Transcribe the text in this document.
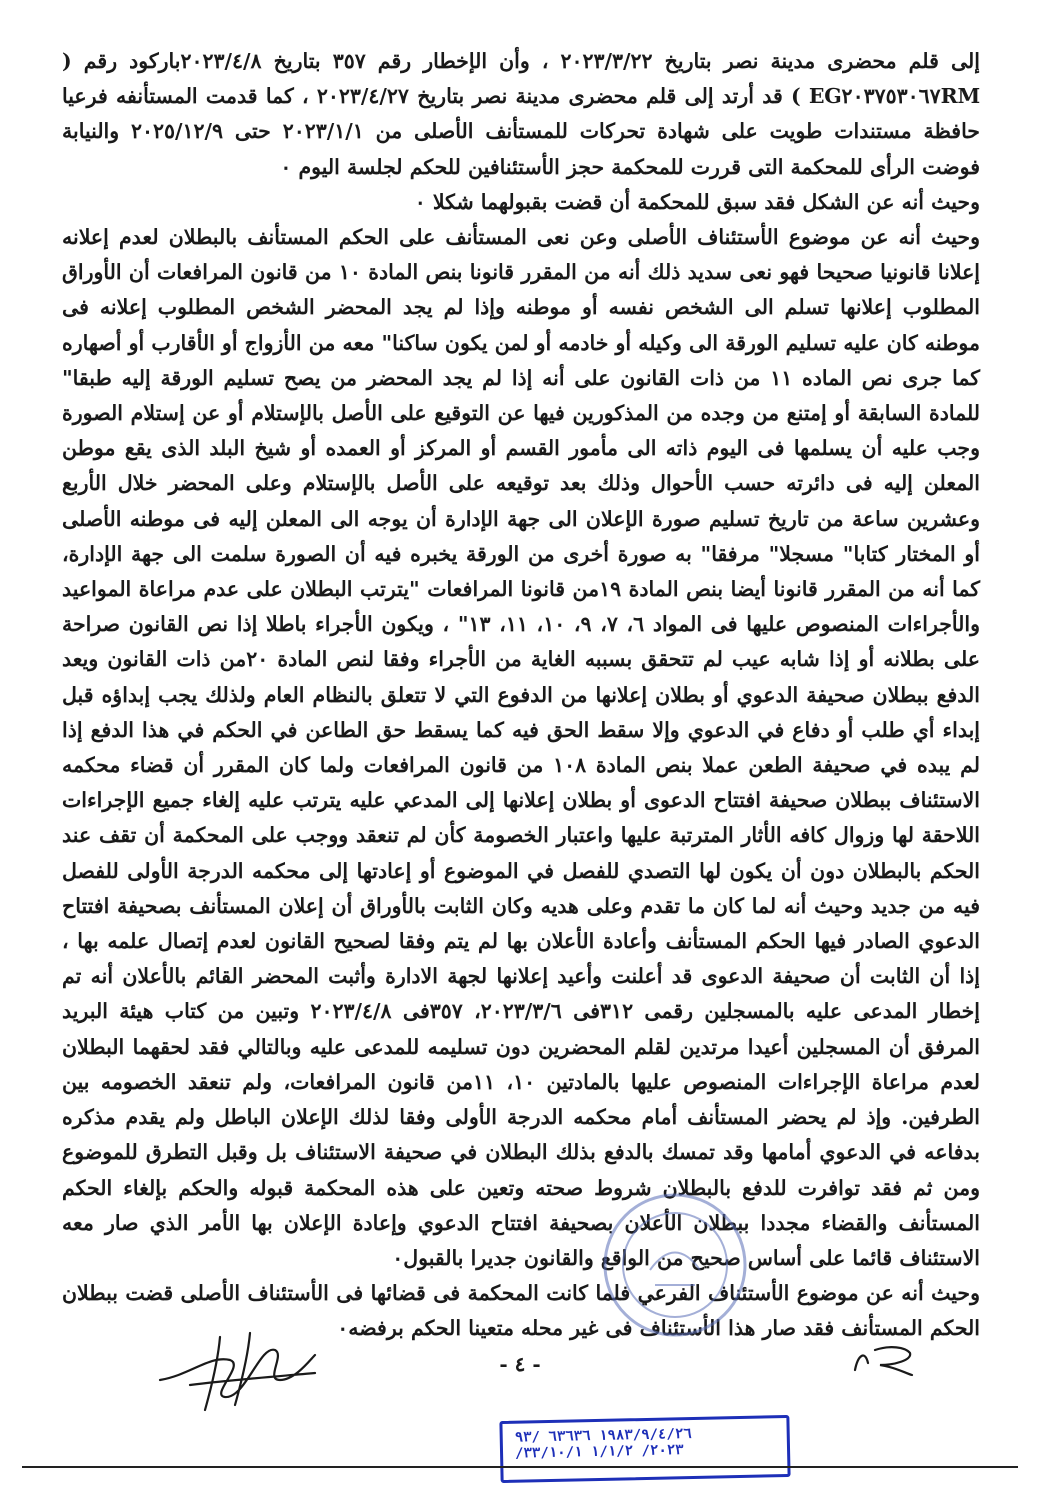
إلى قلم محضرى مدينة نصر بتاريخ ٢٠٢٣/٣/٢٢ ، وأن الإخطار رقم ٣٥٧ بتاريخ ٢٠٢٣/٤/٨باركود رقم ( EG٢٠٣٧٥٣٠٦٧RM ) قد أرتد إلى قلم محضرى مدينة نصر بتاريخ ٢٠٢٣/٤/٢٧ ، كما قدمت المستأنفه فرعيا حافظة مستندات طويت على شهادة تحركات للمستأنف الأصلى من ٢٠٢٣/١/١ حتى ٢٠٢٥/١٢/٩ والنيابة فوضت الرأى للمحكمة التى قررت للمحكمة حجز الأستئنافين للحكم لجلسة اليوم ٠

وحيث أنه عن الشكل فقد سبق للمحكمة أن قضت بقبولهما شكلا ٠

وحيث أنه عن موضوع الأستئناف الأصلى وعن نعى المستأنف على الحكم المستأنف بالبطلان لعدم إعلانه إعلانا قانونيا صحيحا فهو نعى سديد ذلك أنه من المقرر قانونا بنص المادة ١٠ من قانون المرافعات أن الأوراق المطلوب إعلانها تسلم الى الشخص نفسه أو موطنه وإذا لم يجد المحضر الشخص المطلوب إعلانه فى موطنه كان عليه تسليم الورقة الى وكيله أو خادمه أو لمن يكون ساكنا" معه من الأزواج أو الأقارب أو أصهاره كما جرى نص الماده ١١ من ذات القانون على أنه إذا لم يجد المحضر من يصح تسليم الورقة إليه طبقا" للمادة السابقة أو إمتنع من وجده من المذكورين فيها عن التوقيع على الأصل بالإستلام أو عن إستلام الصورة وجب عليه أن يسلمها فى اليوم ذاته الى مأمور القسم أو المركز أو العمده أو شيخ البلد الذى يقع موطن المعلن إليه فى دائرته حسب الأحوال وذلك بعد توقيعه على الأصل بالإستلام وعلى المحضر خلال الأربع وعشرين ساعة من تاريخ تسليم صورة الإعلان الى جهة الإدارة أن يوجه الى المعلن إليه فى موطنه الأصلى أو المختار كتابا" مسجلا" مرفقا" به صورة أخرى من الورقة يخبره فيه أن الصورة سلمت الى جهة الإدارة، كما أنه من المقرر قانونا أيضا بنص المادة ١٩من قانونا المرافعات "يترتب البطلان على عدم مراعاة المواعيد والأجراءات المنصوص عليها فى المواد ٦، ٧، ٩، ١٠، ١١، ١٣" ، ويكون الأجراء باطلا إذا نص القانون صراحة على بطلانه أو إذا شابه عيب لم تتحقق بسببه الغاية من الأجراء وفقا لنص المادة ٢٠من ذات القانون ويعد الدفع ببطلان صحيفة الدعوي أو بطلان إعلانها من الدفوع التي لا تتعلق بالنظام العام ولذلك يجب إبداؤه قبل إبداء أي طلب أو دفاع في الدعوي وإلا سقط الحق فيه كما يسقط حق الطاعن في الحكم في هذا الدفع إذا لم يبده في صحيفة الطعن عملا بنص المادة ١٠٨ من قانون المرافعات ولما كان المقرر أن قضاء محكمه الاستئناف ببطلان صحيفة افتتاح الدعوى أو بطلان إعلانها إلى المدعي عليه يترتب عليه إلغاء جميع الإجراءات اللاحقة لها وزوال كافه الأثار المترتبة عليها واعتبار الخصومة كأن لم تنعقد ووجب على المحكمة أن تقف عند الحكم بالبطلان دون أن يكون لها التصدي للفصل في الموضوع أو إعادتها إلى محكمه الدرجة الأولى للفصل فيه من جديد وحيث أنه لما كان ما تقدم وعلى هديه وكان الثابت بالأوراق أن إعلان المستأنف بصحيفة افتتاح الدعوي الصادر فيها الحكم المستأنف وأعادة الأعلان بها لم يتم وفقا لصحيح القانون لعدم إتصال علمه بها ، إذا أن الثابت أن صحيفة الدعوى قد أعلنت وأعيد إعلانها لجهة الادارة وأثبت المحضر القائم بالأعلان أنه تم إخطار المدعى عليه بالمسجلين رقمى ٣١٢فى ٢٠٢٣/٣/٦، ٣٥٧فى ٢٠٢٣/٤/٨ وتبين من كتاب هيئة البريد المرفق أن المسجلين أعيدا مرتدين لقلم المحضرين دون تسليمه للمدعى عليه وبالتالي فقد لحقهما البطلان لعدم مراعاة الإجراءات المنصوص عليها بالمادتين ١٠، ١١من قانون المرافعات، ولم تنعقد الخصومه بين الطرفين. وإذ لم يحضر المستأنف أمام محكمه الدرجة الأولى وفقا لذلك الإعلان الباطل ولم يقدم مذكره بدفاعه في الدعوي أمامها وقد تمسك بالدفع بذلك البطلان في صحيفة الاستئناف بل وقبل التطرق للموضوع ومن ثم فقد توافرت للدفع بالبطلان شروط صحته وتعين على هذه المحكمة قبوله والحكم بإلغاء الحكم المستأنف والقضاء مجددا ببطلان الأعلان بصحيفة افتتاح الدعوي وإعادة الإعلان بها الأمر الذي صار معه الاستئناف قائما على أساس صحيح من الواقع والقانون جديرا بالقبول٠

وحيث أنه عن موضوع الأستئناف الفرعي فلما كانت المحكمة فى قضائها فى الأستئناف الأصلى قضت ببطلان الحكم المستأنف فقد صار هذا الأستئناف فى غير محله متعينا الحكم برفضه٠

- ٤ -
١٩٨٣/٩/٤/٢٦ ٦٣٦٣٦ /٩٣
/٢٠٢٣/ ١/١/٢ ٣٣/١٠/١
